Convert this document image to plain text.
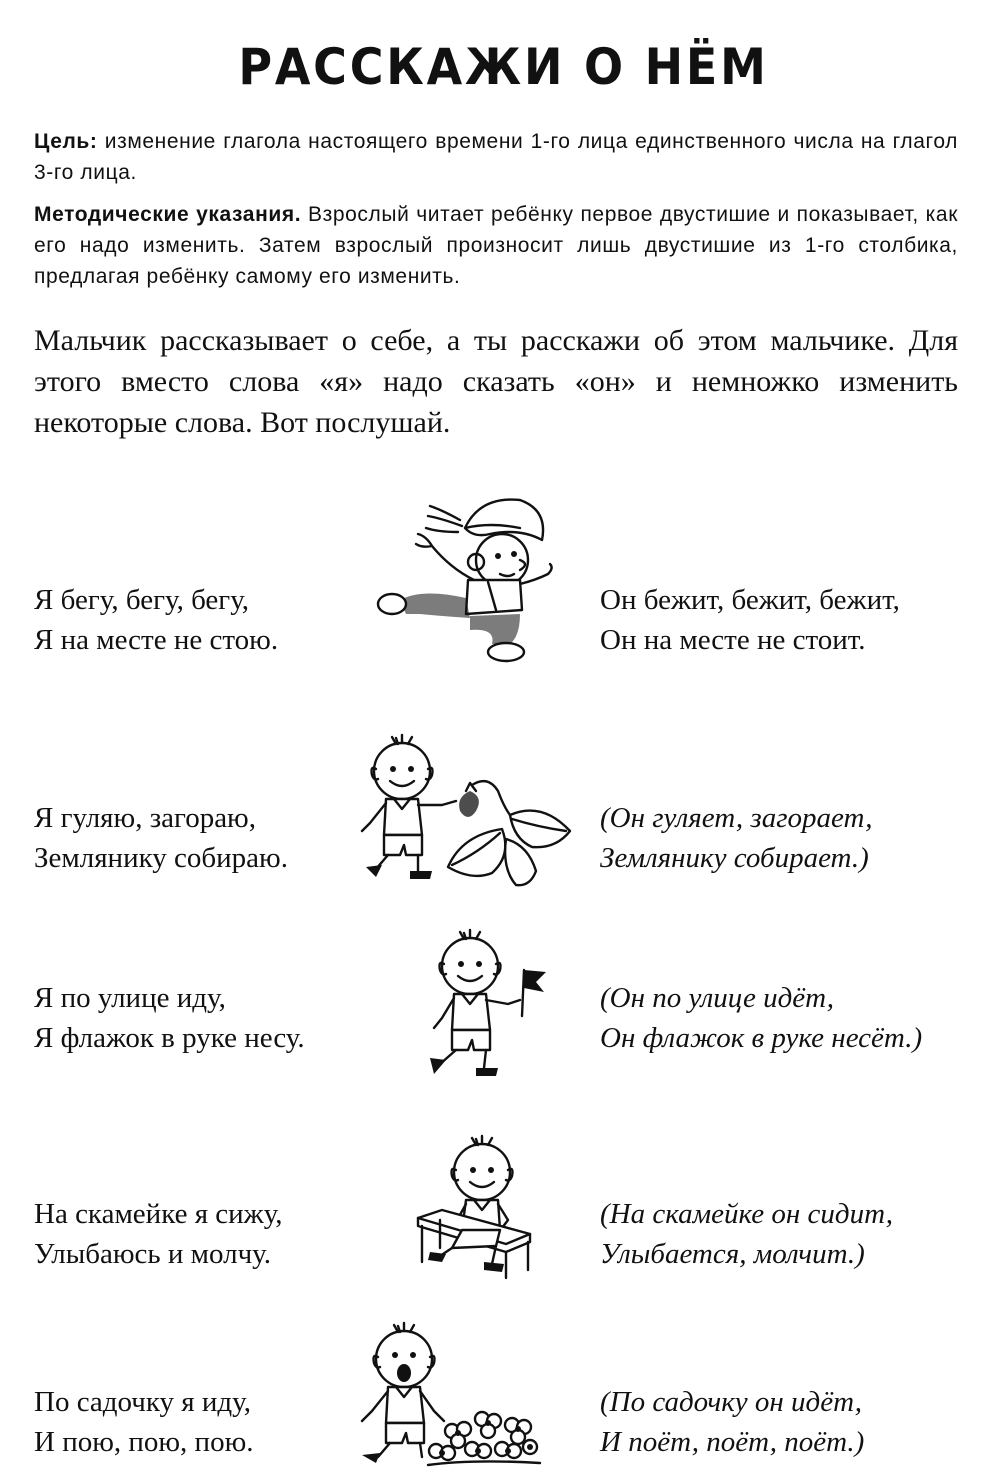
РАССКАЖИ О НЁМ
Цель: изменение глагола настоящего времени 1-го лица единственного числа на глагол 3-го лица.
Методические указания. Взрослый читает ребёнку первое двустишие и показывает, как его надо изменить. Затем взрослый произносит лишь двустишие из 1-го столбика, предлагая ребёнку самому его изменить.
Мальчик рассказывает о себе, а ты расскажи об этом мальчике. Для этого вместо слова «я» надо сказать «он» и немножко изменить некоторые слова. Вот послушай.
Я бегу, бегу, бегу,
Я на месте не стою.
Он бежит, бежит, бежит,
Он на месте не стоит.
Я гуляю, загораю,
Землянику собираю.
(Он гуляет, загорает,
Землянику собирает.)
Я по улице иду,
Я флажок в руке несу.
(Он по улице идёт,
Он флажок в руке несёт.)
На скамейке я сижу,
Улыбаюсь и молчу.
(На скамейке он сидит,
Улыбается, молчит.)
По садочку я иду,
И пою, пою, пою.
(По садочку он идёт,
И поёт, поёт, поёт.)
